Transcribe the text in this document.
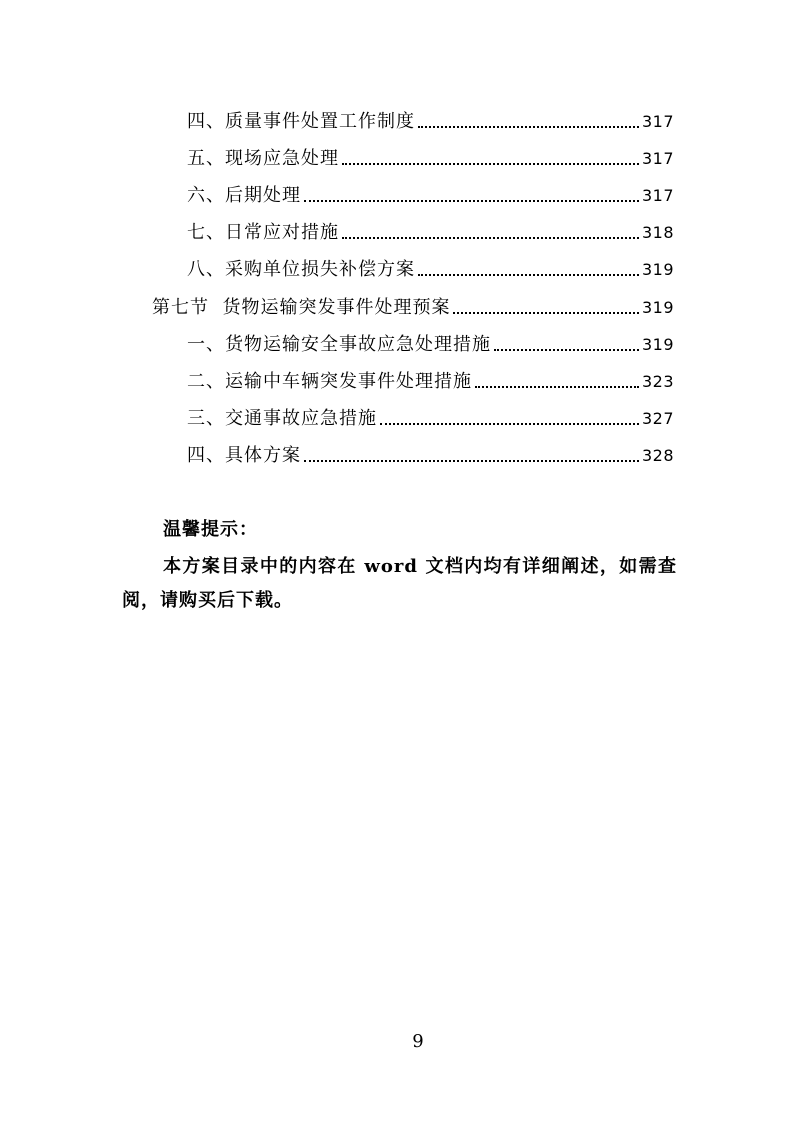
四、质量事件处置工作制度	317
五、现场应急处理	317
六、后期处理	317
七、日常应对措施	318
八、采购单位损失补偿方案	319
第七节  货物运输突发事件处理预案	319
一、货物运输安全事故应急处理措施	319
二、运输中车辆突发事件处理措施	323
三、交通事故应急措施	327
四、具体方案	328
温馨提示：
本方案目录中的内容在 word 文档内均有详细阐述，如需查阅，请购买后下载。
9
